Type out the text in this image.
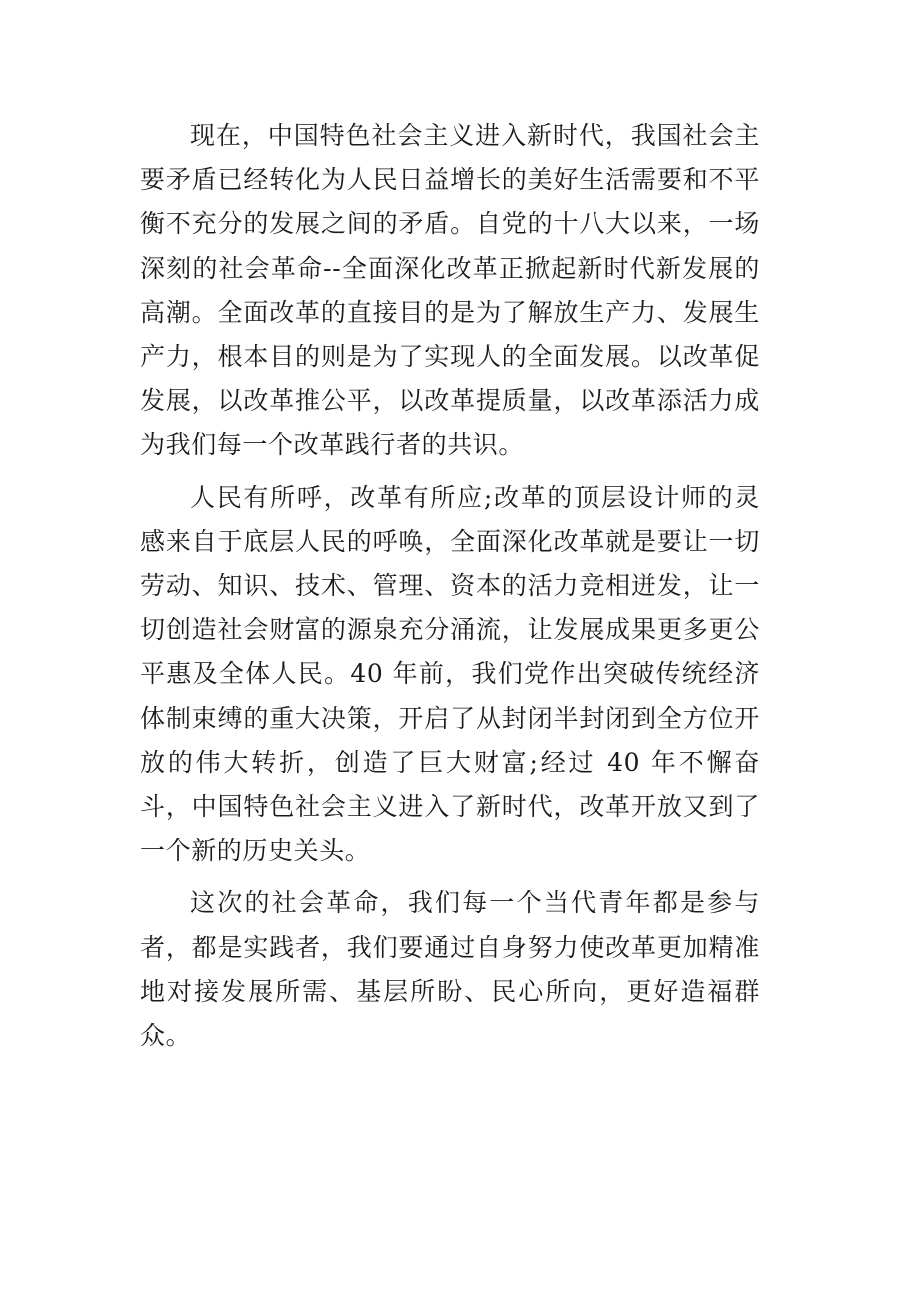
现在，中国特色社会主义进入新时代，我国社会主要矛盾已经转化为人民日益增长的美好生活需要和不平衡不充分的发展之间的矛盾。自党的十八大以来，一场深刻的社会革命--全面深化改革正掀起新时代新发展的高潮。全面改革的直接目的是为了解放生产力、发展生产力，根本目的则是为了实现人的全面发展。以改革促发展，以改革推公平，以改革提质量，以改革添活力成为我们每一个改革践行者的共识。

人民有所呼，改革有所应;改革的顶层设计师的灵感来自于底层人民的呼唤，全面深化改革就是要让一切劳动、知识、技术、管理、资本的活力竞相迸发，让一切创造社会财富的源泉充分涌流，让发展成果更多更公平惠及全体人民。40 年前，我们党作出突破传统经济体制束缚的重大决策，开启了从封闭半封闭到全方位开放的伟大转折，创造了巨大财富;经过 40 年不懈奋斗，中国特色社会主义进入了新时代，改革开放又到了一个新的历史关头。

这次的社会革命，我们每一个当代青年都是参与者，都是实践者，我们要通过自身努力使改革更加精准地对接发展所需、基层所盼、民心所向，更好造福群众。
